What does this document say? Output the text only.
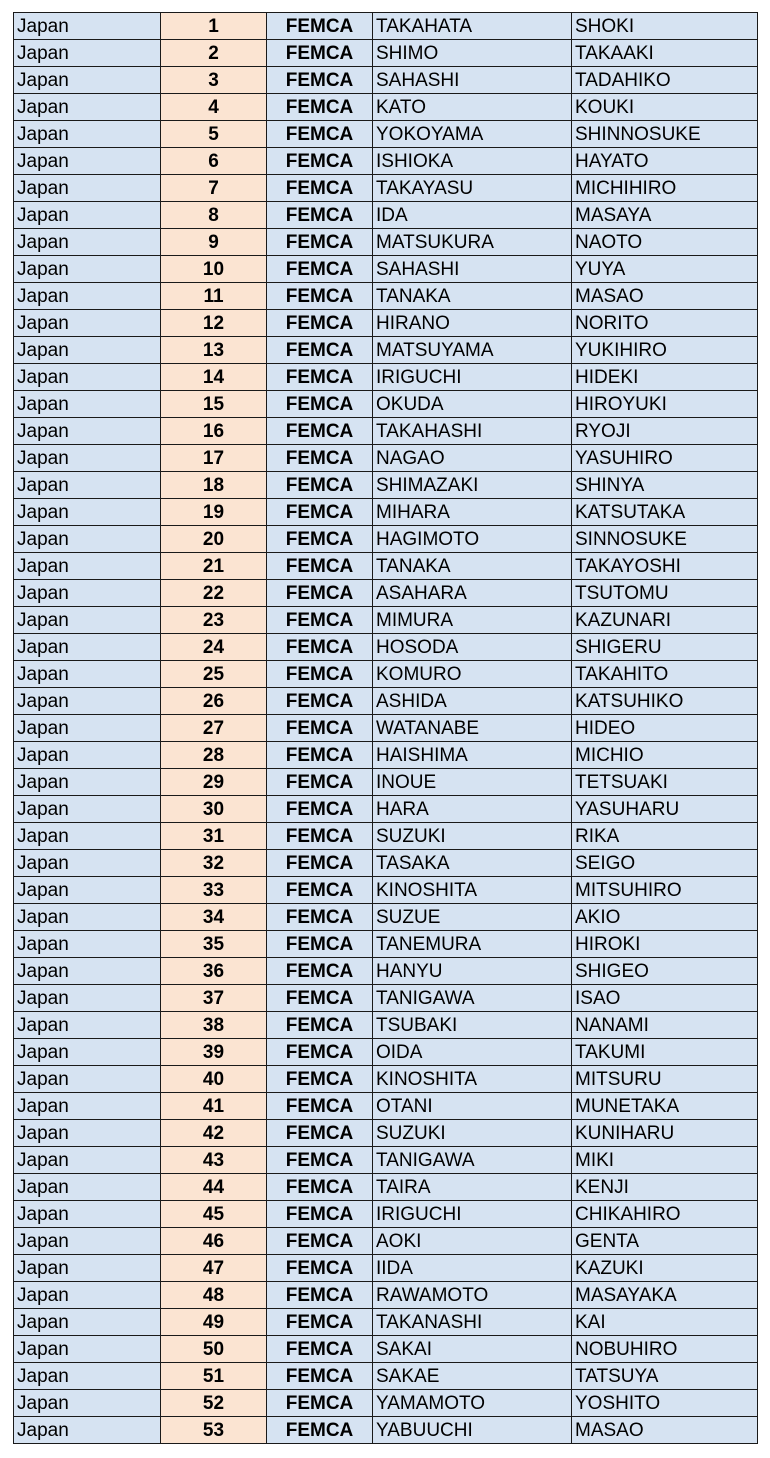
Japan	1	FEMCA	TAKAHATA	SHOKI
Japan	2	FEMCA	SHIMO	TAKAAKI
Japan	3	FEMCA	SAHASHI	TADAHIKO
Japan	4	FEMCA	KATO	KOUKI
Japan	5	FEMCA	YOKOYAMA	SHINNOSUKE
Japan	6	FEMCA	ISHIOKA	HAYATO
Japan	7	FEMCA	TAKAYASU	MICHIHIRO
Japan	8	FEMCA	IDA	MASAYA
Japan	9	FEMCA	MATSUKURA	NAOTO
Japan	10	FEMCA	SAHASHI	YUYA
Japan	11	FEMCA	TANAKA	MASAO
Japan	12	FEMCA	HIRANO	NORITO
Japan	13	FEMCA	MATSUYAMA	YUKIHIRO
Japan	14	FEMCA	IRIGUCHI	HIDEKI
Japan	15	FEMCA	OKUDA	HIROYUKI
Japan	16	FEMCA	TAKAHASHI	RYOJI
Japan	17	FEMCA	NAGAO	YASUHIRO
Japan	18	FEMCA	SHIMAZAKI	SHINYA
Japan	19	FEMCA	MIHARA	KATSUTAKA
Japan	20	FEMCA	HAGIMOTO	SINNOSUKE
Japan	21	FEMCA	TANAKA	TAKAYOSHI
Japan	22	FEMCA	ASAHARA	TSUTOMU
Japan	23	FEMCA	MIMURA	KAZUNARI
Japan	24	FEMCA	HOSODA	SHIGERU
Japan	25	FEMCA	KOMURO	TAKAHITO
Japan	26	FEMCA	ASHIDA	KATSUHIKO
Japan	27	FEMCA	WATANABE	HIDEO
Japan	28	FEMCA	HAISHIMA	MICHIO
Japan	29	FEMCA	INOUE	TETSUAKI
Japan	30	FEMCA	HARA	YASUHARU
Japan	31	FEMCA	SUZUKI	RIKA
Japan	32	FEMCA	TASAKA	SEIGO
Japan	33	FEMCA	KINOSHITA	MITSUHIRO
Japan	34	FEMCA	SUZUE	AKIO
Japan	35	FEMCA	TANEMURA	HIROKI
Japan	36	FEMCA	HANYU	SHIGEO
Japan	37	FEMCA	TANIGAWA	ISAO
Japan	38	FEMCA	TSUBAKI	NANAMI
Japan	39	FEMCA	OIDA	TAKUMI
Japan	40	FEMCA	KINOSHITA	MITSURU
Japan	41	FEMCA	OTANI	MUNETAKA
Japan	42	FEMCA	SUZUKI	KUNIHARU
Japan	43	FEMCA	TANIGAWA	MIKI
Japan	44	FEMCA	TAIRA	KENJI
Japan	45	FEMCA	IRIGUCHI	CHIKAHIRO
Japan	46	FEMCA	AOKI	GENTA
Japan	47	FEMCA	IIDA	KAZUKI
Japan	48	FEMCA	RAWAMOTO	MASAYAKA
Japan	49	FEMCA	TAKANASHI	KAI
Japan	50	FEMCA	SAKAI	NOBUHIRO
Japan	51	FEMCA	SAKAE	TATSUYA
Japan	52	FEMCA	YAMAMOTO	YOSHITO
Japan	53	FEMCA	YABUUCHI	MASAO
